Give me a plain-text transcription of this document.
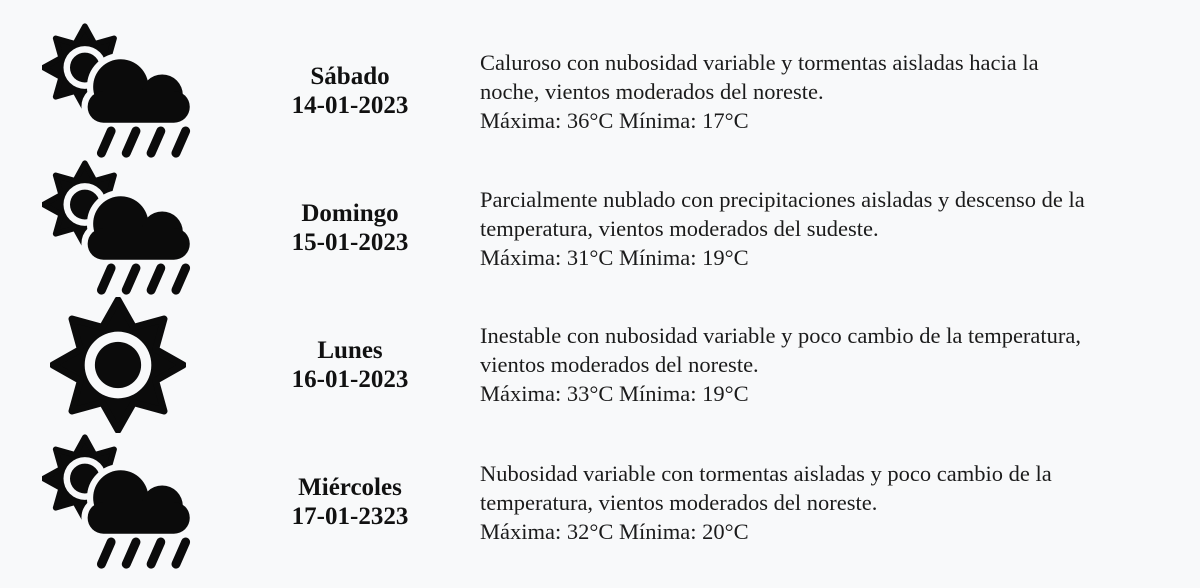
Sábado
14-01-2023
Caluroso con nubosidad variable y tormentas aisladas hacia la
noche, vientos moderados del noreste.
Máxima: 36°C Mínima: 17°C
Domingo
15-01-2023
Parcialmente nublado con precipitaciones aisladas y descenso de la
temperatura, vientos moderados del sudeste.
Máxima: 31°C Mínima: 19°C
Lunes
16-01-2023
Inestable con nubosidad variable y poco cambio de la temperatura,
vientos moderados del noreste.
Máxima: 33°C Mínima: 19°C
Miércoles
17-01-2323
Nubosidad variable con tormentas aisladas y poco cambio de la
temperatura, vientos moderados del noreste.
Máxima: 32°C Mínima: 20°C
